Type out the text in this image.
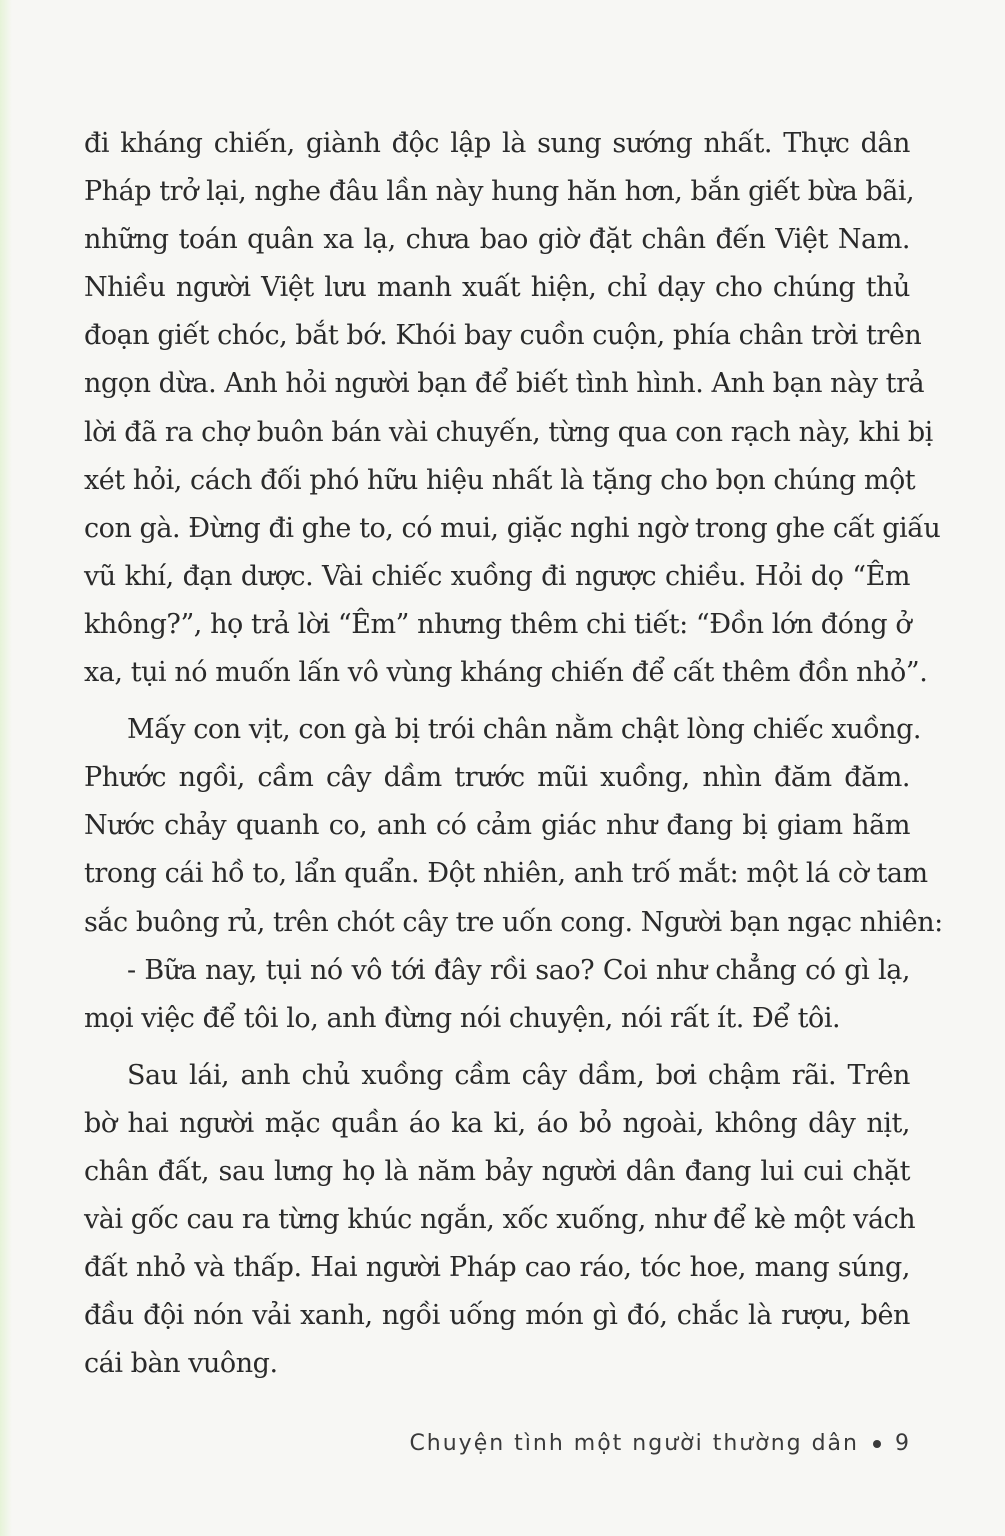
đi kháng chiến, giành độc lập là sung sướng nhất. Thực dân
Pháp trở lại, nghe đâu lần này hung hăn hơn, bắn giết bừa bãi,
những toán quân xa lạ, chưa bao giờ đặt chân đến Việt Nam.
Nhiều người Việt lưu manh xuất hiện, chỉ dạy cho chúng thủ
đoạn giết chóc, bắt bớ. Khói bay cuồn cuộn, phía chân trời trên
ngọn dừa. Anh hỏi người bạn để biết tình hình. Anh bạn này trả
lời đã ra chợ buôn bán vài chuyến, từng qua con rạch này, khi bị
xét hỏi, cách đối phó hữu hiệu nhất là tặng cho bọn chúng một
con gà. Đừng đi ghe to, có mui, giặc nghi ngờ trong ghe cất giấu
vũ khí, đạn dược. Vài chiếc xuồng đi ngược chiều. Hỏi dọ “Êm
không?”, họ trả lời “Êm” nhưng thêm chi tiết: “Đồn lớn đóng ở
xa, tụi nó muốn lấn vô vùng kháng chiến để cất thêm đồn nhỏ”.
Mấy con vịt, con gà bị trói chân nằm chật lòng chiếc xuồng.
Phước ngồi, cầm cây dầm trước mũi xuồng, nhìn đăm đăm.
Nước chảy quanh co, anh có cảm giác như đang bị giam hãm
trong cái hồ to, lẩn quẩn. Đột nhiên, anh trố mắt: một lá cờ tam
sắc buông rủ, trên chót cây tre uốn cong. Người bạn ngạc nhiên:
- Bữa nay, tụi nó vô tới đây rồi sao? Coi như chẳng có gì lạ,
mọi việc để tôi lo, anh đừng nói chuyện, nói rất ít. Để tôi.
Sau lái, anh chủ xuồng cầm cây dầm, bơi chậm rãi. Trên
bờ hai người mặc quần áo ka ki, áo bỏ ngoài, không dây nịt,
chân đất, sau lưng họ là năm bảy người dân đang lui cui chặt
vài gốc cau ra từng khúc ngắn, xốc xuống, như để kè một vách
đất nhỏ và thấp. Hai người Pháp cao ráo, tóc hoe, mang súng,
đầu đội nón vải xanh, ngồi uống món gì đó, chắc là rượu, bên
cái bàn vuông.
Chuyện tình một người thường dân 9
